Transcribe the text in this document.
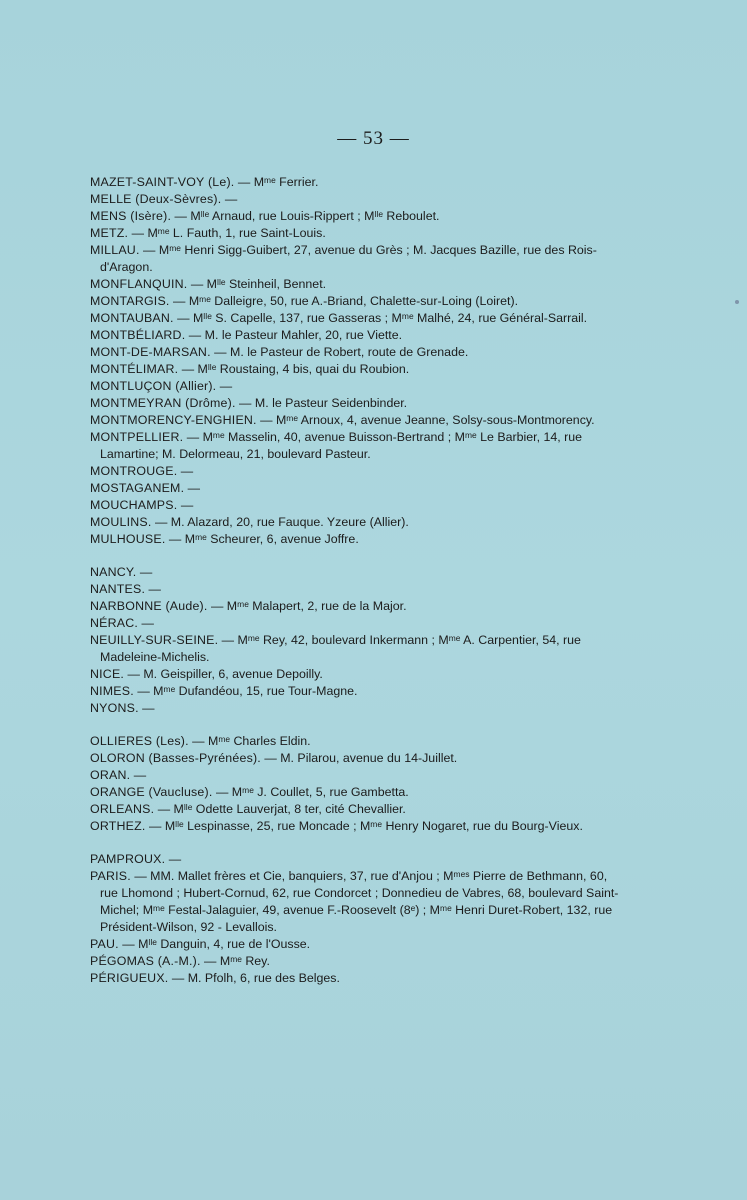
— 53 —

MAZET-SAINT-VOY (Le). — Mᵐᵉ Ferrier.

MELLE (Deux-Sèvres). —

MENS (Isère). — Mˡˡᵉ Arnaud, rue Louis-Rippert ; Mˡˡᵉ Reboulet.

METZ. — Mᵐᵉ L. Fauth, 1, rue Saint-Louis.

MILLAU. — Mᵐᵉ Henri Sigg-Guibert, 27, avenue du Grès ; M. Jacques Bazille, rue des Rois-d'Aragon.

MONFLANQUIN. — Mˡˡᵉ Steinheil, Bennet.

MONTARGIS. — Mᵐᵉ Dalleigre, 50, rue A.-Briand, Chalette-sur-Loing (Loiret).

MONTAUBAN. — Mˡˡᵉ S. Capelle, 137, rue Gasseras ; Mᵐᵉ Malhé, 24, rue Général-Sarrail.

MONTBÉLIARD. — M. le Pasteur Mahler, 20, rue Viette.

MONT-DE-MARSAN. — M. le Pasteur de Robert, route de Grenade.

MONTÉLIMAR. — Mˡˡᵉ Roustaing, 4 bis, quai du Roubion.

MONTLUÇON (Allier). —

MONTMEYRAN (Drôme). — M. le Pasteur Seidenbinder.

MONTMORENCY-ENGHIEN. — Mᵐᵉ Arnoux, 4, avenue Jeanne, Solsy-sous-Montmorency.

MONTPELLIER. — Mᵐᵉ Masselin, 40, avenue Buisson-Bertrand ; Mᵐᵉ Le Barbier, 14, rue Lamartine; M. Delormeau, 21, boulevard Pasteur.

MONTROUGE. —

MOSTAGANEM. —

MOUCHAMPS. —

MOULINS. — M. Alazard, 20, rue Fauque. Yzeure (Allier).

MULHOUSE. — Mᵐᵉ Scheurer, 6, avenue Joffre.

NANCY. —

NANTES. —

NARBONNE (Aude). — Mᵐᵉ Malapert, 2, rue de la Major.

NÉRAC. —

NEUILLY-SUR-SEINE. — Mᵐᵉ Rey, 42, boulevard Inkermann ; Mᵐᵉ A. Carpentier, 54, rue Madeleine-Michelis.

NICE. — M. Geispiller, 6, avenue Depoilly.

NIMES. — Mᵐᵉ Dufandéou, 15, rue Tour-Magne.

NYONS. —

OLLIERES (Les). — Mᵐᵉ Charles Eldin.

OLORON (Basses-Pyrénées). — M. Pilarou, avenue du 14-Juillet.

ORAN. —

ORANGE (Vaucluse). — Mᵐᵉ J. Coullet, 5, rue Gambetta.

ORLEANS. — Mˡˡᵉ Odette Lauverjat, 8 ter, cité Chevallier.

ORTHEZ. — Mˡˡᵉ Lespinasse, 25, rue Moncade ; Mᵐᵉ Henry Nogaret, rue du Bourg-Vieux.

PAMPROUX. —

PARIS. — MM. Mallet frères et Cie, banquiers, 37, rue d'Anjou ; Mᵐᵉˢ Pierre de Bethmann, 60, rue Lhomond ; Hubert-Cornud, 62, rue Condorcet ; Donnedieu de Vabres, 68, boulevard Saint-Michel; Mᵐᵉ Festal-Jalaguier, 49, avenue F.-Roosevelt (8ᵉ) ; Mᵐᵉ Henri Duret-Robert, 132, rue Président-Wilson, 92 - Levallois.

PAU. — Mˡˡᵉ Danguin, 4, rue de l'Ousse.

PÉGOMAS (A.-M.). — Mᵐᵉ Rey.

PÉRIGUEUX. — M. Pfolh, 6, rue des Belges.
